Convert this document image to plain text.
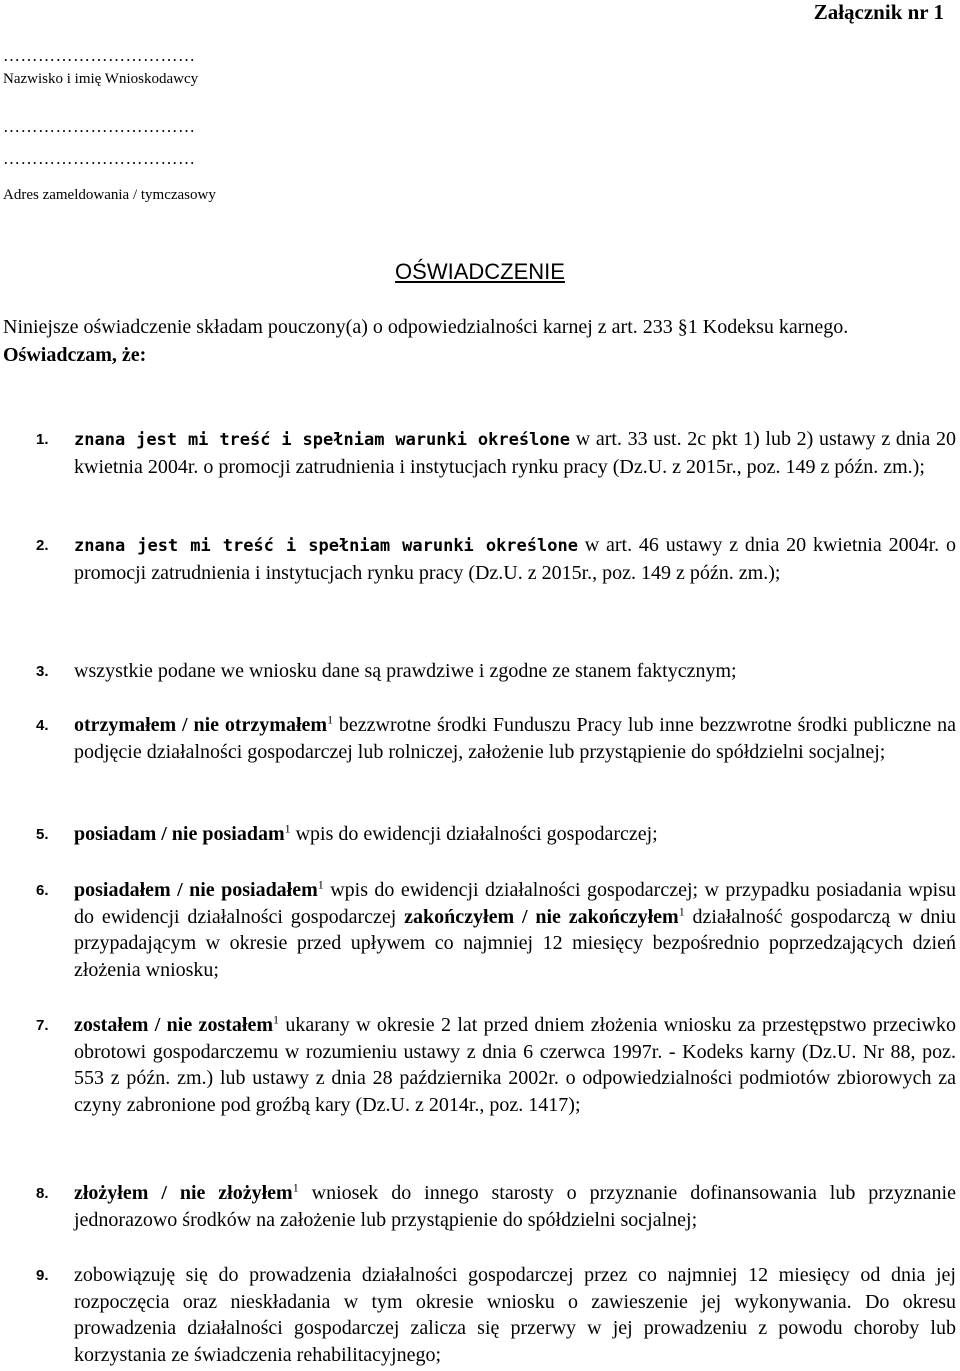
Załącznik nr 1
……………………………
Nazwisko i imię Wnioskodawcy
……………………………
……………………………
Adres zameldowania / tymczasowy
OŚWIADCZENIE
Niniejsze oświadczenie składam pouczony(a) o odpowiedzialności karnej z art. 233 §1 Kodeksu karnego.
Oświadczam, że:
1. znana jest mi treść i spełniam warunki określone w art. 33 ust. 2c pkt 1) lub 2) ustawy z dnia 20 kwietnia 2004r. o promocji zatrudnienia i instytucjach rynku pracy (Dz.U. z 2015r., poz. 149 z późn. zm.);
2. znana jest mi treść i spełniam warunki określone w art. 46 ustawy z dnia 20 kwietnia 2004r. o promocji zatrudnienia i instytucjach rynku pracy (Dz.U. z 2015r., poz. 149 z późn. zm.);
3. wszystkie podane we wniosku dane są prawdziwe i zgodne ze stanem faktycznym;
4. otrzymałem / nie otrzymałem$^1$ bezzwrotne środki Funduszu Pracy lub inne bezzwrotne środki publiczne na podjęcie działalności gospodarczej lub rolniczej, założenie lub przystąpienie do spółdzielni socjalnej;
5. posiadam / nie posiadam$^1$ wpis do ewidencji działalności gospodarczej;
6. posiadałem / nie posiadałem$^1$ wpis do ewidencji działalności gospodarczej; w przypadku posiadania wpisu do ewidencji działalności gospodarczej zakończyłem / nie zakończyłem$^1$ działalność gospodarczą w dniu przypadającym w okresie przed upływem co najmniej 12 miesięcy bezpośrednio poprzedzających dzień złożenia wniosku;
7. zostałem / nie zostałem$^1$ ukarany w okresie 2 lat przed dniem złożenia wniosku za przestępstwo przeciwko obrotowi gospodarczemu w rozumieniu ustawy z dnia 6 czerwca 1997r. - Kodeks karny (Dz.U. Nr 88, poz. 553 z późn. zm.) lub ustawy z dnia 28 października 2002r. o odpowiedzialności podmiotów zbiorowych za czyny zabronione pod groźbą kary (Dz.U. z 2014r., poz. 1417);
8. złożyłem / nie złożyłem$^1$ wniosek do innego starosty o przyznanie dofinansowania lub przyznanie jednorazowo środków na założenie lub przystąpienie do spółdzielni socjalnej;
9. zobowiązuję się do prowadzenia działalności gospodarczej przez co najmniej 12 miesięcy od dnia jej rozpoczęcia oraz niesk​ładania w tym okresie wniosku o zawieszenie jej wykonywania. Do okresu prowadzenia działalności gospodarczej zalicza się przerwy w jej prowadzeniu z powodu choroby lub korzystania ze świadczenia rehabilitacyjnego;
